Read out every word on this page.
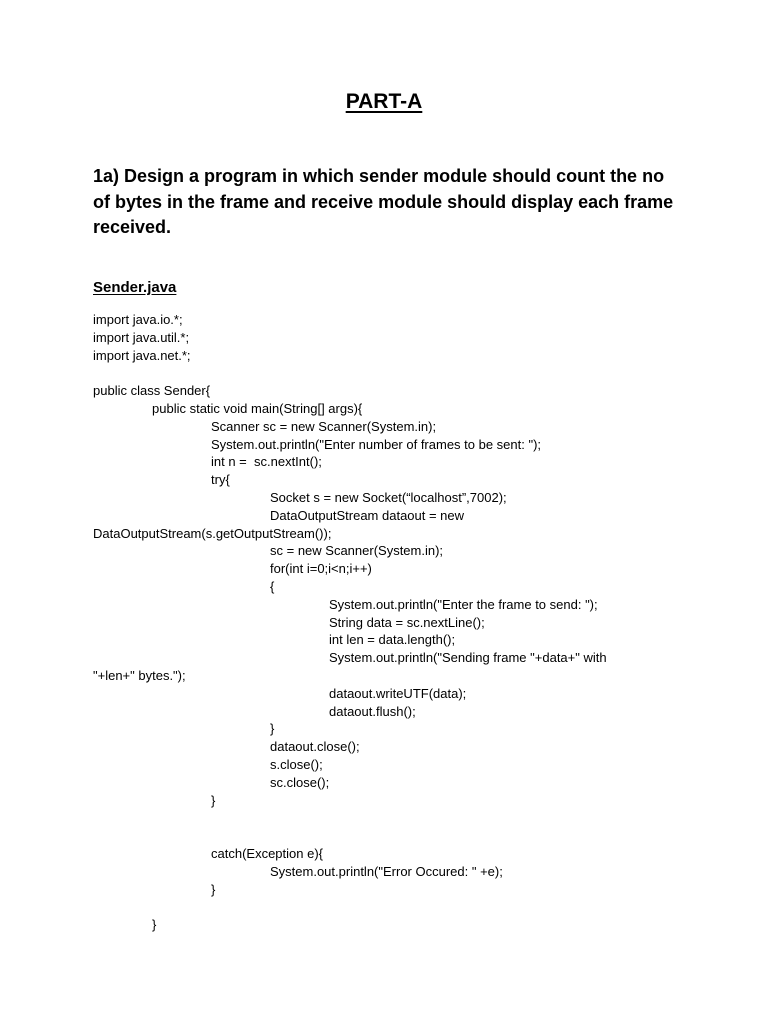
PART-A
1a) Design a program in which sender module should count the no
of bytes in the frame and receive module should display each frame
received.
Sender.java
import java.io.*;
import java.util.*;
import java.net.*;
public class Sender{
public static void main(String[] args){
Scanner sc = new Scanner(System.in);
System.out.println("Enter number of frames to be sent: ");
int n =  sc.nextInt();
try{
Socket s = new Socket(“localhost”,7002);
DataOutputStream dataout = new
DataOutputStream(s.getOutputStream());
sc = new Scanner(System.in);
for(int i=0;i<n;i++)
{
System.out.println("Enter the frame to send: ");
String data = sc.nextLine();
int len = data.length();
System.out.println("Sending frame "+data+" with
"+len+" bytes.");
dataout.writeUTF(data);
dataout.flush();
}
dataout.close();
s.close();
sc.close();
}
catch(Exception e){
System.out.println("Error Occured: " +e);
}
}
